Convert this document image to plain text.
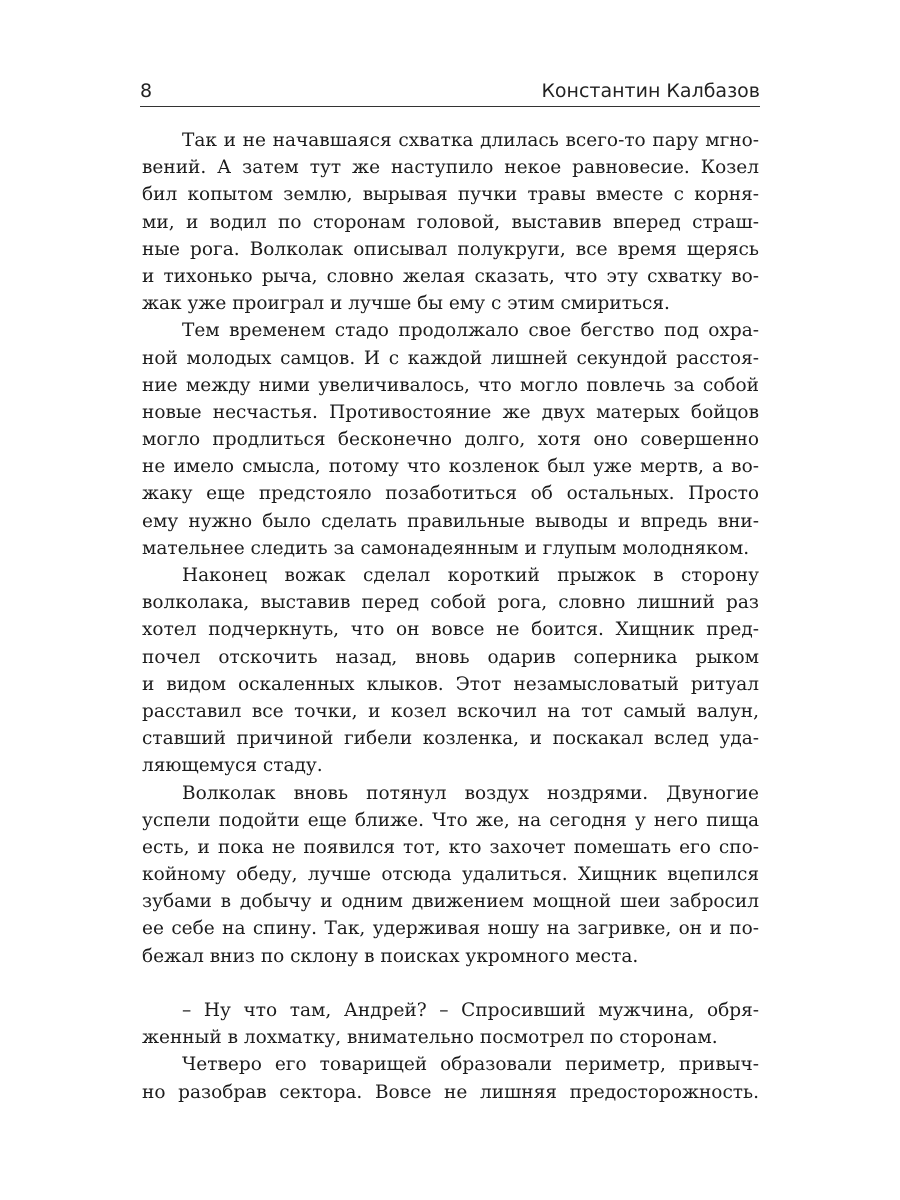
8	Константин Калбазов
Так и не начавшаяся схватка длилась всего-то пару мгно-
вений. А затем тут же наступило некое равновесие. Козел
бил копытом землю, вырывая пучки травы вместе с корня-
ми, и водил по сторонам головой, выставив вперед страш-
ные рога. Волколак описывал полукруги, все время щерясь
и тихонько рыча, словно желая сказать, что эту схватку во-
жак уже проиграл и лучше бы ему с этим смириться.
Тем временем стадо продолжало свое бегство под охра-
ной молодых самцов. И с каждой лишней секундой расстоя-
ние между ними увеличивалось, что могло повлечь за собой
новые несчастья. Противостояние же двух матерых бойцов
могло продлиться бесконечно долго, хотя оно совершенно
не имело смысла, потому что козленок был уже мертв, а во-
жаку еще предстояло позаботиться об остальных. Просто
ему нужно было сделать правильные выводы и впредь вни-
мательнее следить за самонадеянным и глупым молодняком.
Наконец вожак сделал короткий прыжок в сторону
волколака, выставив перед собой рога, словно лишний раз
хотел подчеркнуть, что он вовсе не боится. Хищник пред-
почел отскочить назад, вновь одарив соперника рыком
и видом оскаленных клыков. Этот незамысловатый ритуал
расставил все точки, и козел вскочил на тот самый валун,
ставший причиной гибели козленка, и поскакал вслед уда-
ляющемуся стаду.
Волколак вновь потянул воздух ноздрями. Двуногие
успели подойти еще ближе. Что же, на сегодня у него пища
есть, и пока не появился тот, кто захочет помешать его спо-
койному обеду, лучше отсюда удалиться. Хищник вцепился
зубами в добычу и одним движением мощной шеи забросил
ее себе на спину. Так, удерживая ношу на загривке, он и по-
бежал вниз по склону в поисках укромного места.
– Ну что там, Андрей? – Спросивший мужчина, обря-
женный в лохматку, внимательно посмотрел по сторонам.
Четверо его товарищей образовали периметр, привыч-
но разобрав сектора. Вовсе не лишняя предосторожность.
